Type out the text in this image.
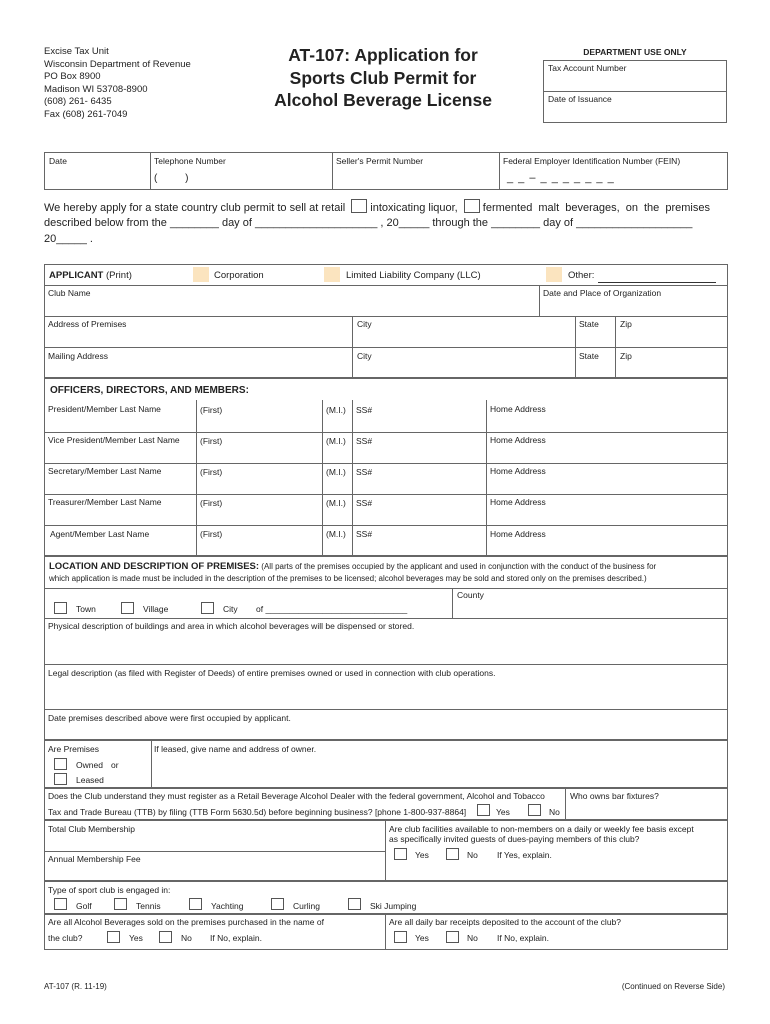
Excise Tax Unit
Wisconsin Department of Revenue
PO Box 8900
Madison WI 53708-8900
(608) 261- 6435
Fax (608) 261-7049
AT-107: Application for
Sports Club Permit for
Alcohol Beverage License
DEPARTMENT USE ONLY
Tax Account Number
Date of Issuance
Date	Telephone Number
(          )
Seller's Permit Number	Federal Employer Identification Number (FEIN)
_ _ – _ _ _ _ _ _ _
We hereby apply for a state country club permit to sell at retail intoxicating liquor, fermented malt beverages, on the premises
described below from the ________ day of ____________________ , 20_____ through the ________ day of ___________________
20_____ .
APPLICANT (Print)	Corporation	Limited Liability Company (LLC)	Other:
Club Name	Date and Place of Organization
Address of Premises	City	State Zip
Mailing Address	City	State Zip
OFFICERS, DIRECTORS, AND MEMBERS:
President/Member Last Name	(First)	(M.I.) SS#	Home Address
Vice President/Member Last Name (First)	(M.I.) SS#	Home Address
Secretary/Member Last Name	(First)	(M.I.) SS#	Home Address
Treasurer/Member Last Name	(First)	(M.I.) SS#	Home Address
Agent/Member Last Name	(First)	(M.I.) SS#	Home Address
LOCATION AND DESCRIPTION OF PREMISES: (All parts of the premises occupied by the applicant and used in conjunction with the conduct of the business for
which application is made must be included in the description of the premises to be licensed; alcohol beverages may be sold and stored only on the premises described.)
County
Town	Village	City of ______________________________
Physical description of buildings and area in which alcohol beverages will be dispensed or stored.
Legal description (as filed with Register of Deeds) of entire premises owned or used in connection with club operations.
Date premises described above were first occupied by applicant.
Are Premises
Owned or
Leased
If leased, give name and address of owner.
Does the Club understand they must register as a Retail Beverage Alcohol Dealer with the federal government, Alcohol and Tobacco
Tax and Trade Bureau (TTB) by filing (TTB Form 5630.5d) before beginning business? [phone 1-800-937-8864]	Yes	No
Who owns bar fixtures?
Total Club Membership
Annual Membership Fee
Are club facilities available to non-members on a daily or weekly fee basis except
as specifically invited guests of dues-paying members of this club?
Yes	No If Yes, explain.
Type of sport club is engaged in:
Golf	Tennis	Yachting	Curling	Ski Jumping
Are all Alcohol Beverages sold on the premises purchased in the name of
the club?	Yes	No If No, explain.
Are all daily bar receipts deposited to the account of the club?
Yes	No If No, explain.
AT-107 (R. 11-19)	(Continued on Reverse Side)
